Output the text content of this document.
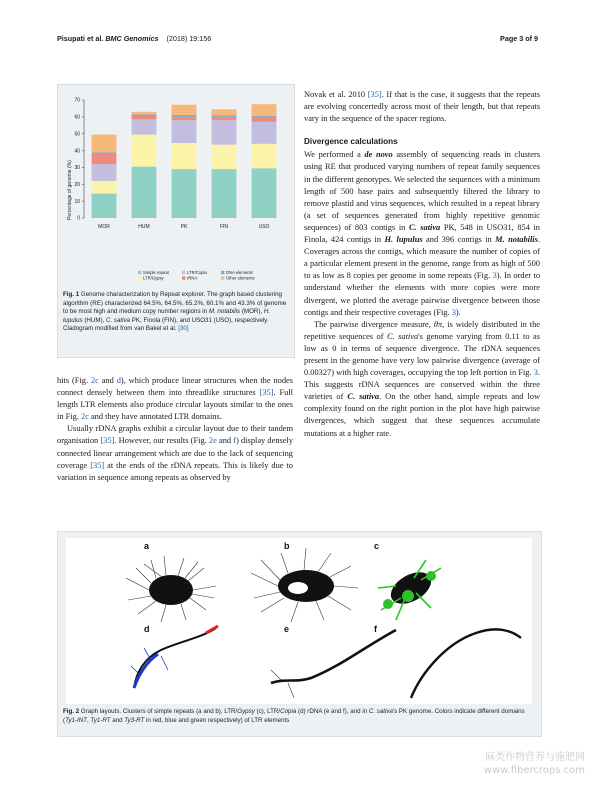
Pisupati et al. BMC Genomics (2018) 19:156	Page 3 of 9
0
10
20
30
40
50
60
70
MOR	HUM	PK	FIN	USO
Simple repeat
LTR/Gypsy
LTR/Copia
rRNA
DNA elements
Other elements
Percentage of genome (%)
Fig. 1 Genome characterization by Repeat explorer. The graph based clustering algorithm (RE) characterized 64.5%, 64.5%, 65.2%, 60.1% and 43.3% of genome to be most high and medium copy number regions in M. notabilis (MOR), H. lupulus (HUM), C. sativa PK, Finola (FIN), and USO31 (USO), respectively. Cladogram modified from van Bakel et al. [30]

hits (Fig. 2c and d), which produce linear structures when the nodes connect densely between them into threadlike structures [35]. Full length LTR elements also produce circular layouts similar to the ones in Fig. 2c and they have annotated LTR domains.

Usually rDNA graphs exhibit a circular layout due to their tandem organisation [35]. However, our results (Fig. 2e and f) display densely connected linear arrangement which are due to the lack of sequencing coverage [35] at the ends of the rDNA repeats. This is likely due to variation in sequence among repeats as observed by

Novak et al. 2010 [35]. If that is the case, it suggests that the repeats are evolving concertedly across most of their length, but that repeats vary in the sequence of the spacer regions.

Divergence calculations

We performed a de novo assembly of sequencing reads in clusters using RE that produced varying numbers of repeat family sequences in the different genotypes. We selected the sequences with a minimum length of 500 base pairs and subsequently filtered the library to remove plastid and virus sequences, which resulted in a repeat library (a set of sequences generated from highly repetitive genomic sequences) of 803 contigs in C. sativa PK, 548 in USO31, 854 in Finola, 424 contigs in H. lupulus and 396 contigs in M. notabilis. Coverages across the contigs, which measure the number of copies of a particular element present in the genome, range from as high of 500 to as low as 8 copies per genome in some repeats (Fig. 3). In order to understand whether the elements with more copies were more divergent, we plotted the average pairwise divergence between those contigs and their respective coverages (Fig. 3).

The pairwise divergence measure, θπ, is widely distributed in the repetitive sequences of C. sativa's genome varying from 0.11 to as low as 0 in terms of sequence divergence. The rDNA sequences present in the genome have very low pairwise divergence (average of 0.00327) with high coverages, occupying the top left portion in Fig. 3. This suggests rDNA sequences are conserved within the three varieties of C. sativa. On the other hand, simple repeats and low complexity found on the right portion in the plot have high pairwise divergences, which suggest that these sequences accumulate mutations at a higher rate.

a	b	c
d	e	f
Fig. 2 Graph layouts. Clusters of simple repeats (a and b), LTR/Gypsy (c), LTR/Copia (d) rDNA (e and f), and in C. sativa's PK genome. Colors indicate different domains (Ty1-INT, Ty1-RT and Ty3-RT in red, blue and green respectively) of LTR elements
麻类作物营养与施肥网
www.fibercrops.com
